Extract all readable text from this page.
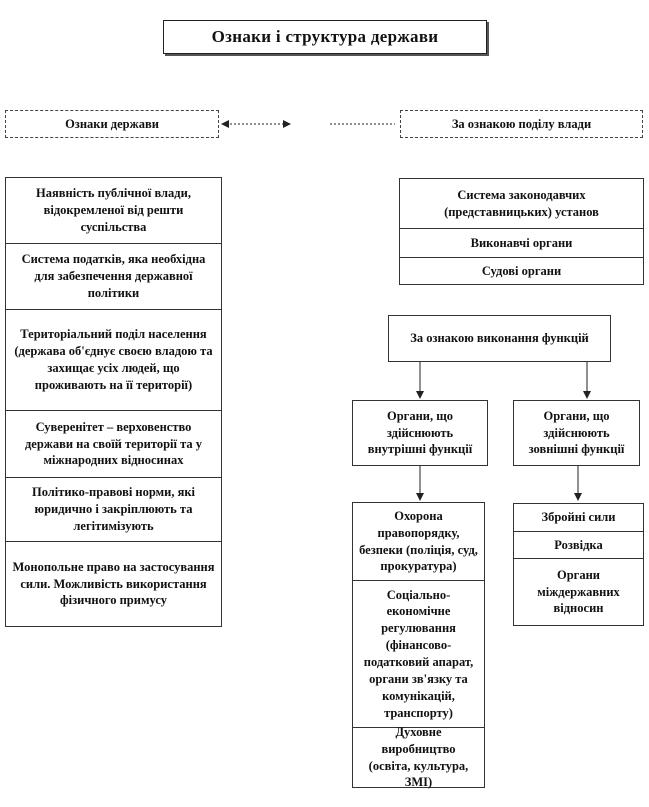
Ознаки і структура держави
Ознаки держави	За ознакою поділу влади
Наявність публічної влади, відокремленої від решти суспільства
Система податків, яка необхідна для забезпечення державної політики
Територіальний поділ населення (держава об'єднує своєю владою та захищає усіх людей, що проживають на її території)
Суверенітет – верховенство держави на своїй території та у міжнародних відносинах
Політико-правові норми, які юридично і закріплюють та легітимізують
Монопольне право на застосування сили. Можливість використання фізичного примусу
Система законодавчих (представницьких) установ
Виконавчі органи
Судові органи
За ознакою виконання функцій
Органи, що здійснюють внутрішні функції
Органи, що здійснюють зовнішні функції
Охорона правопорядку, безпеки (поліція, суд, прокуратура)
Соціально-економічне регулювання (фінансово-податковий апарат, органи зв'язку та комунікацій, транспорту)
Духовне виробництво (освіта, культура, ЗМІ)
Збройні сили
Розвідка
Органи міждержавних відносин
